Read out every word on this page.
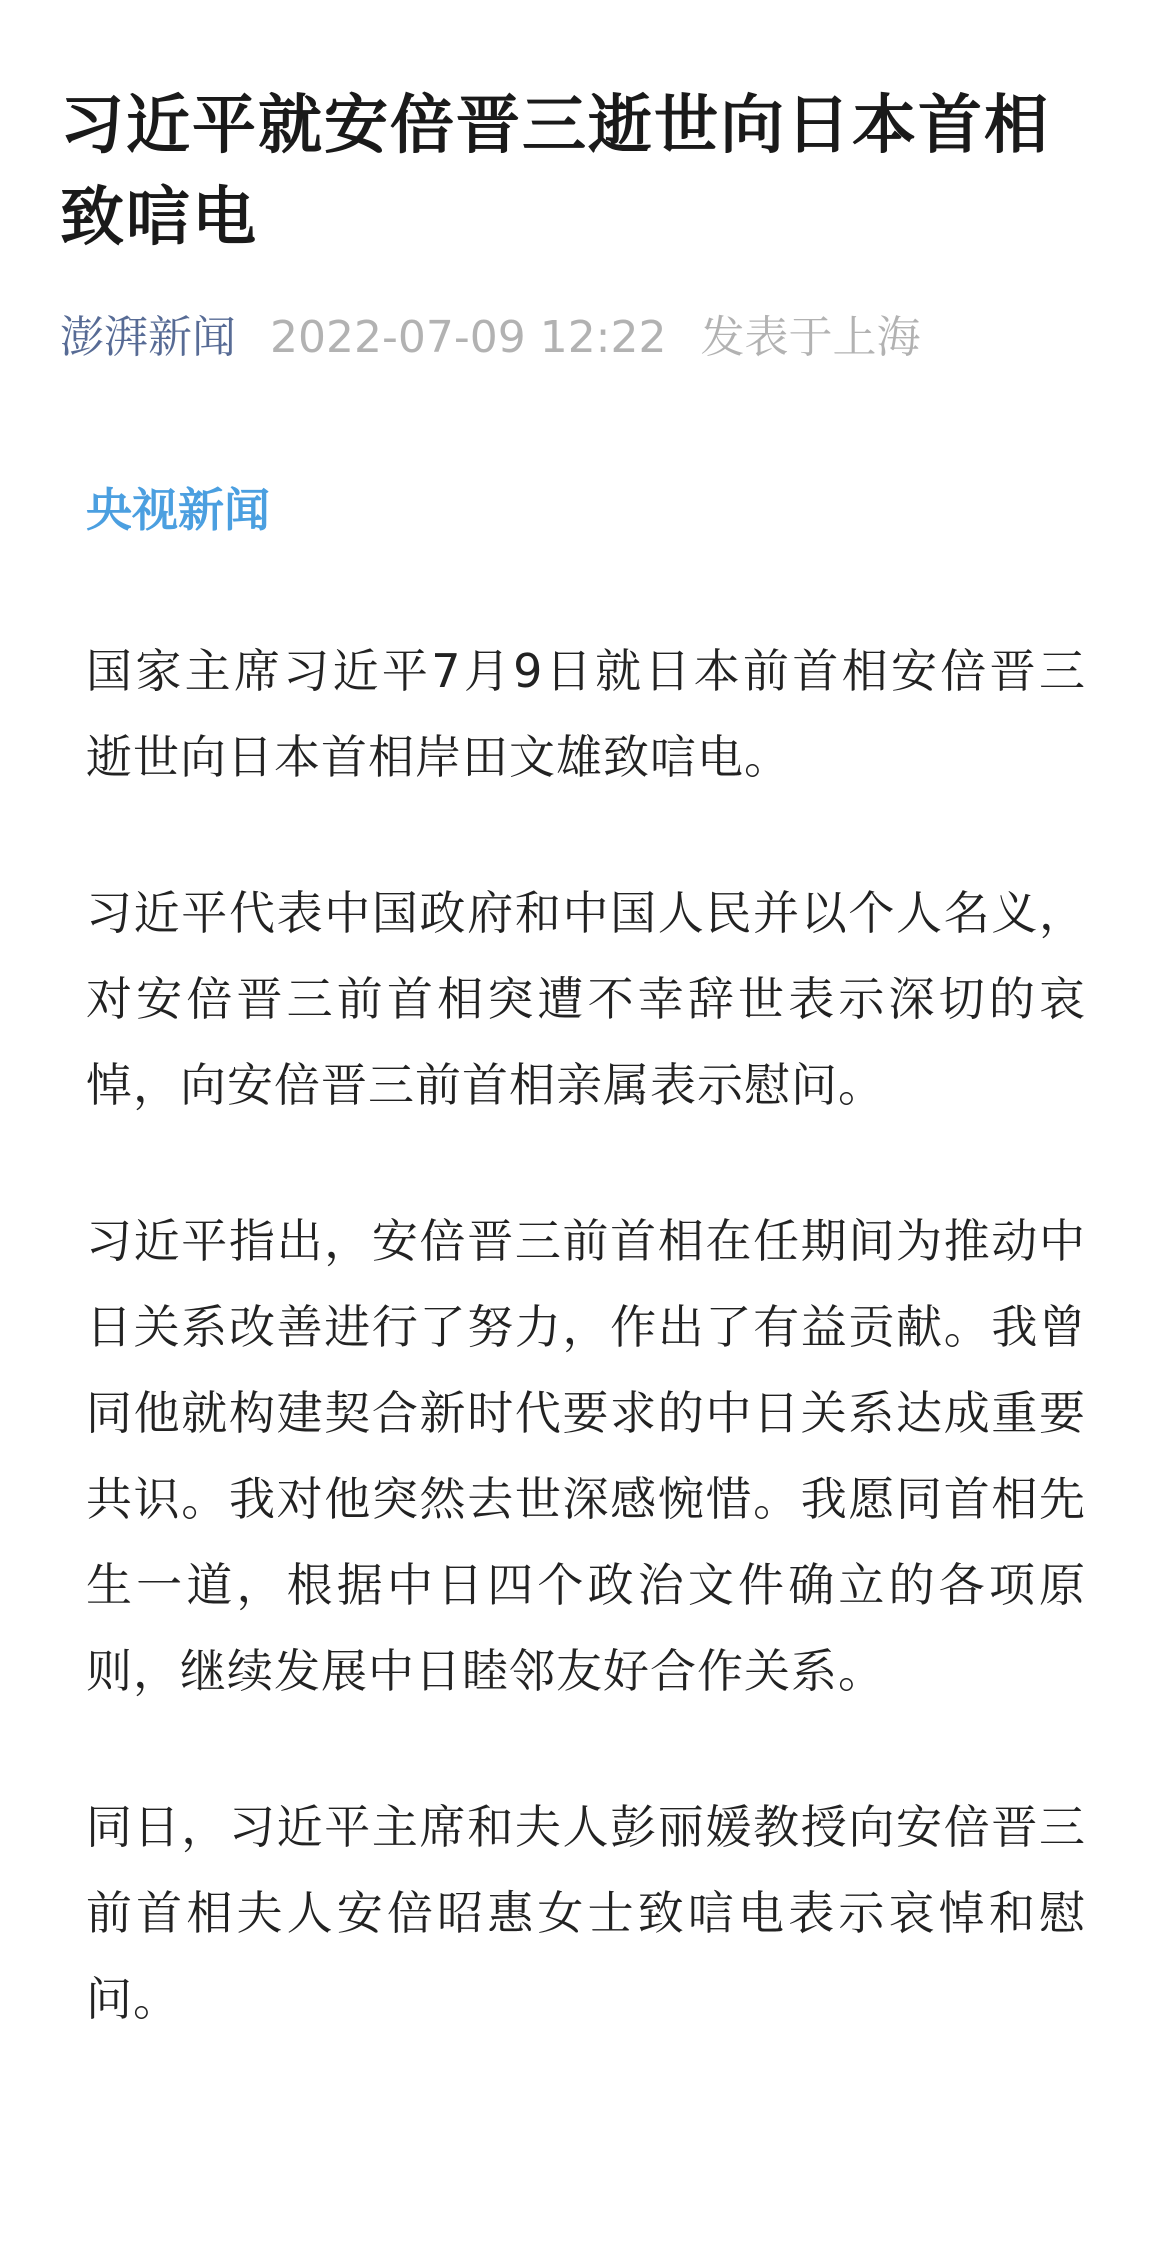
习近平就安倍晋三逝世向日本首相致唁电
澎湃新闻 2022-07-09 12:22 发表于上海

央视新闻

国家主席习近平7月9日就日本前首相安倍晋三逝世向日本首相岸田文雄致唁电。

习近平代表中国政府和中国人民并以个人名义，对安倍晋三前首相突遭不幸辞世表示深切的哀悼，向安倍晋三前首相亲属表示慰问。

习近平指出，安倍晋三前首相在任期间为推动中日关系改善进行了努力，作出了有益贡献。我曾同他就构建契合新时代要求的中日关系达成重要共识。我对他突然去世深感惋惜。我愿同首相先生一道，根据中日四个政治文件确立的各项原则，继续发展中日睦邻友好合作关系。

同日，习近平主席和夫人彭丽媛教授向安倍晋三前首相夫人安倍昭惠女士致唁电表示哀悼和慰问。
